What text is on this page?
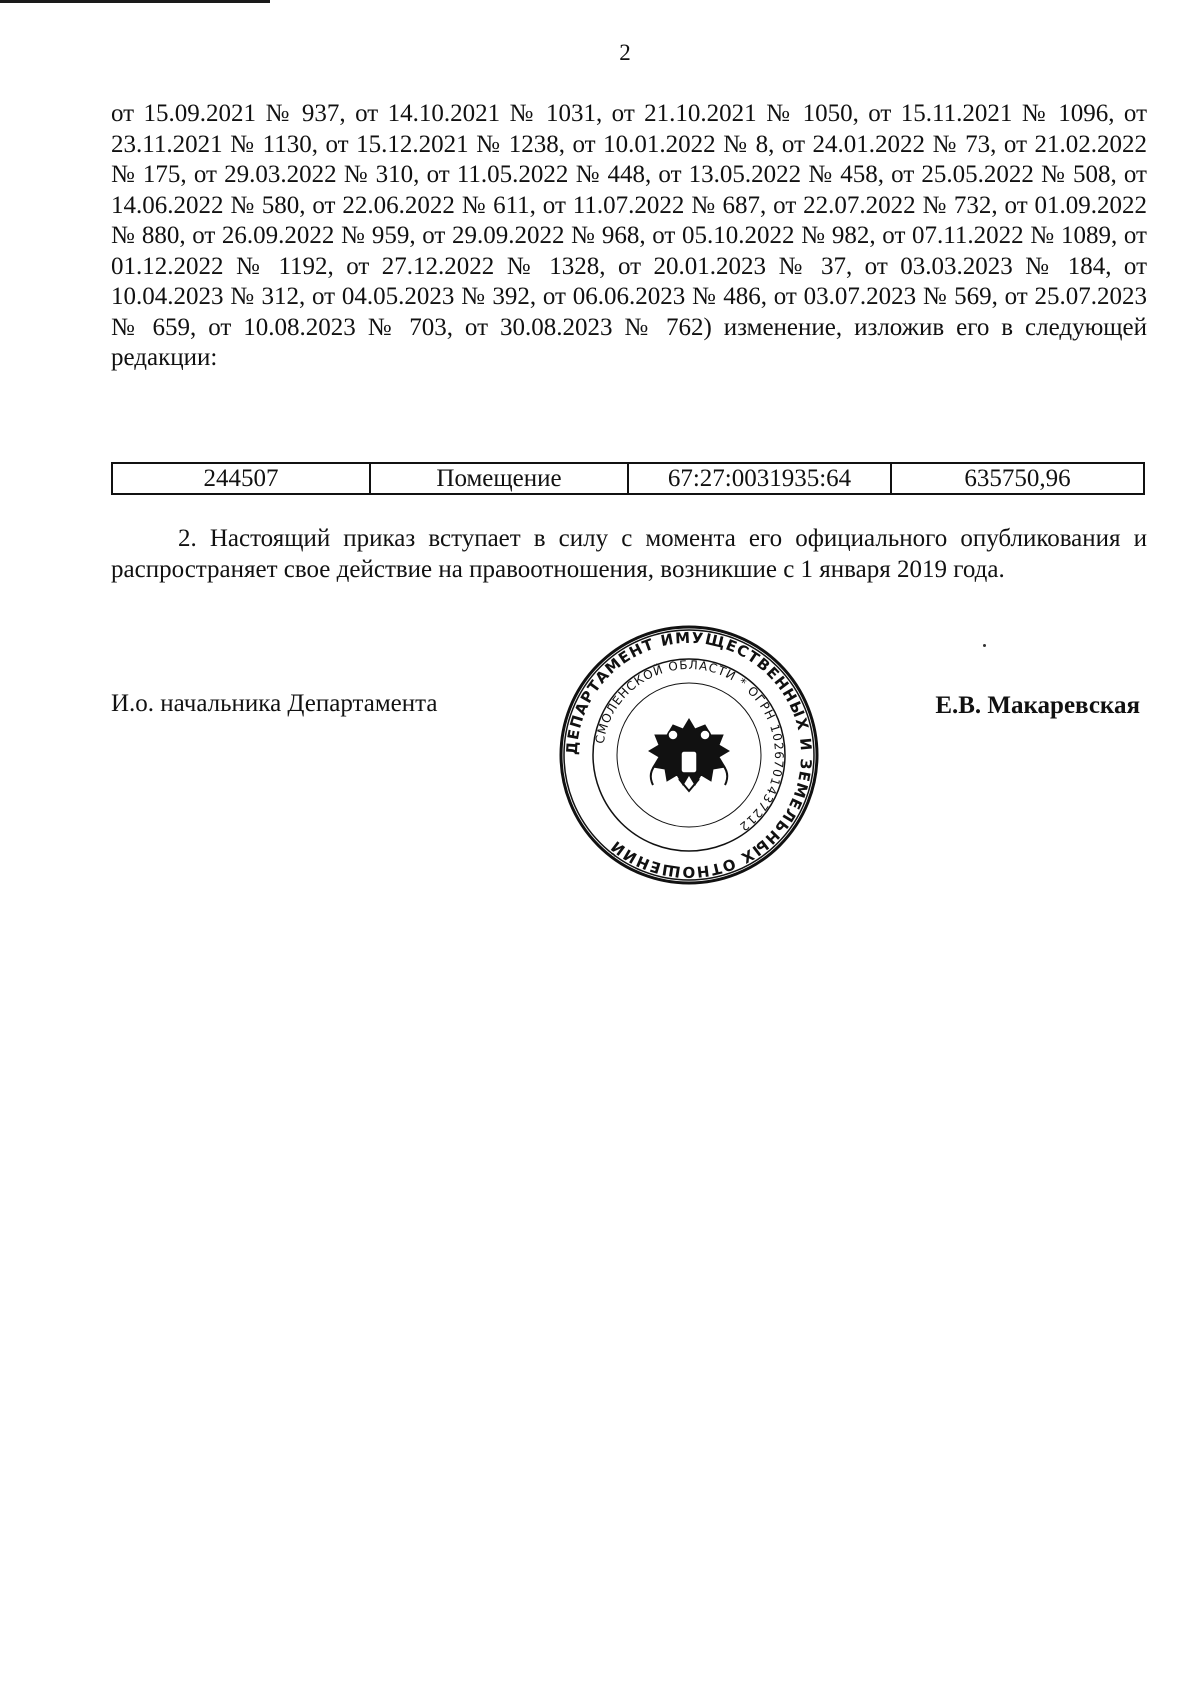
2
от 15.09.2021 № 937, от 14.10.2021 № 1031, от 21.10.2021 № 1050, от 15.11.2021 № 1096, от 23.11.2021 № 1130, от 15.12.2021 № 1238, от 10.01.2022 № 8, от 24.01.2022 № 73, от 21.02.2022 № 175, от 29.03.2022 № 310, от 11.05.2022 № 448, от 13.05.2022 № 458, от 25.05.2022 № 508, от 14.06.2022 № 580, от 22.06.2022 № 611, от 11.07.2022 № 687, от 22.07.2022 № 732, от 01.09.2022 № 880, от 26.09.2022 № 959, от 29.09.2022 № 968, от 05.10.2022 № 982, от 07.11.2022 № 1089, от 01.12.2022 № 1192, от 27.12.2022 № 1328, от 20.01.2023 № 37, от 03.03.2023 № 184, от 10.04.2023 № 312, от 04.05.2023 № 392, от 06.06.2023 № 486, от 03.07.2023 № 569, от 25.07.2023 № 659, от 10.08.2023 № 703, от 30.08.2023 № 762) изменение, изложив его в следующей редакции:
244507	Помещение	67:27:0031935:64	635750,96
2. Настоящий приказ вступает в силу с момента его официального опубликования и распространяет свое действие на правоотношения, возникшие с 1 января 2019 года.
И.о. начальника Департамента
ДЕПАРТАМЕНТ ИМУЩЕСТВЕННЫХ И ЗЕМЕЛЬНЫХ ОТНОШЕНИЙ
СМОЛЕНСКОЙ ОБЛАСТИ * ОГРН 1026701437212
Е.В. Макаревская
